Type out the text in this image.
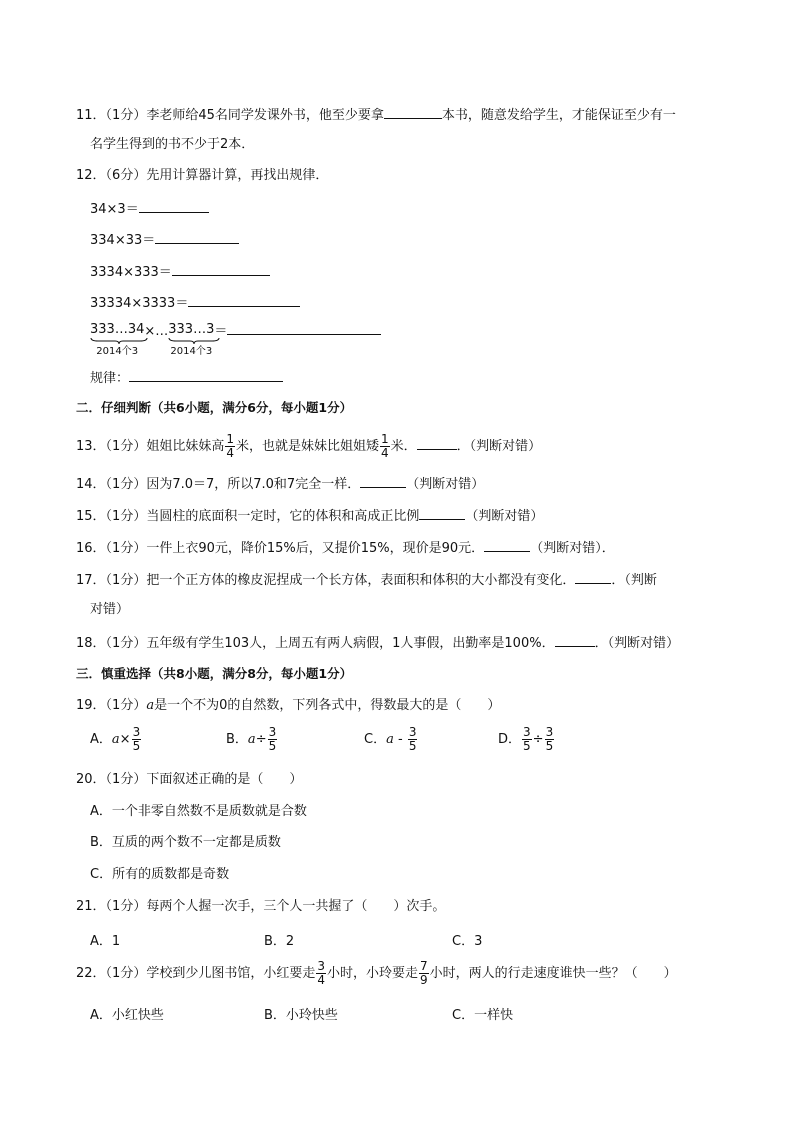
11．（1分）李老师给45名同学发课外书，他至少要拿	本书，随意发给学生，才能保证至少有一
名学生得到的书不少于2本．
12．（6分）先用计算器计算，再找出规律．
34×3＝
334×33＝
3334×333＝
33334×3333＝
333…34
2014个3
×…333…3
2014个3
＝
规律：
二．仔细判断（共6小题，满分6分，每小题1分）
13．（1分）姐姐比妹妹高 $\frac{1}{4}$ 米，也就是妹妹比姐姐矮 $\frac{1}{4}$ 米．	．（判断对错）
14．（1分）因为7.0＝7，所以7.0和7完全一样．	（判断对错）
15．（1分）当圆柱的底面积一定时，它的体积和高成正比例	（判断对错）
16．（1分）一件上衣90元，降价15%后，又提价15%，现价是90元．	（判断对错）．
17．（1分）把一个正方体的橡皮泥捏成一个长方体，表面积和体积的大小都没有变化．	．（判断
对错）
18．（1分）五年级有学生103人，上周五有两人病假，1人事假，出勤率是100%．	．（判断对错）
三．慎重选择（共8小题，满分8分，每小题1分）
19．（1分）a是一个不为0的自然数，下列各式中，得数最大的是（　　）
A．$a\times \frac{3}{5}$	B．$a\div \frac{3}{5}$	C．a - $\frac{3}{5}$	D． $\frac{3}{5} \div \frac{3}{5}$
20．（1分）下面叙述正确的是（　　）
A．一个非零自然数不是质数就是合数
B．互质的两个数不一定都是质数
C．所有的质数都是奇数
21．（1分）每两个人握一次手，三个人一共握了（　　）次手。
A．1	B．2	C．3
22．（1分）学校到少儿图书馆，小红要走 $\frac{3}{4}$ 小时，小玲要走 $\frac{7}{9}$ 小时，两人的行走速度谁快一些？（　　）
A．小红快些	B．小玲快些	C．一样快
